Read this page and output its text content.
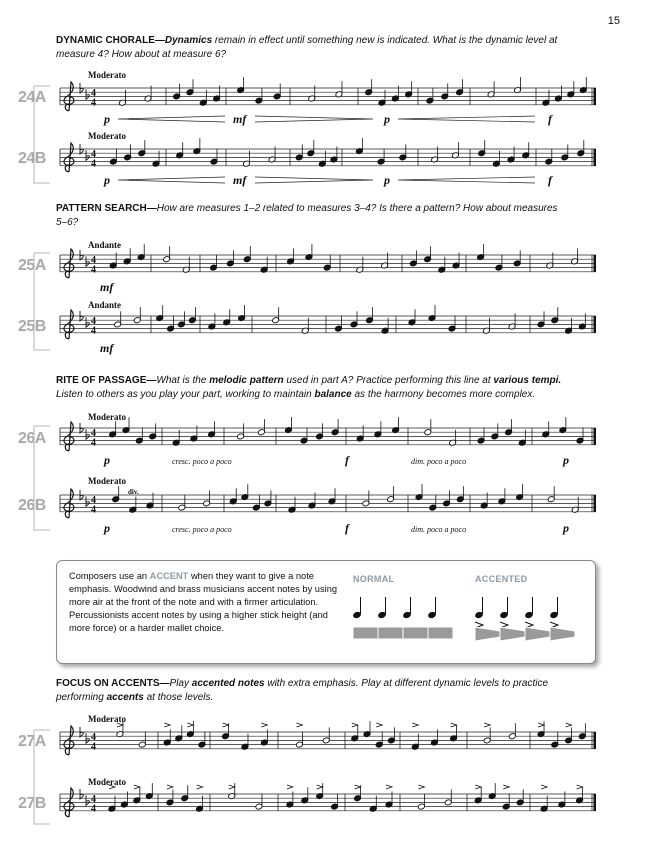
15
DYNAMIC CHORALE—Dynamics remain in effect until something new is indicated. What is the dynamic level at
measure 4? How about at measure 6?
24A
Moderato
24B
Moderato
p	mf	p	f
p	mf	p	f
PATTERN SEARCH—How are measures 1–2 related to measures 3–4? Is there a pattern? How about measures
5–6?
25A
Andante
mf
25B
Andante
mf
RITE OF PASSAGE—What is the melodic pattern used in part A? Practice performing this line at various tempi.
Listen to others as you play your part, working to maintain balance as the harmony becomes more complex.
26A
Moderato
p	cresc. poco a poco	f	dim. poco a poco	p
26B
Moderato
div.
p	cresc. poco a poco	f	dim. poco a poco	p
Composers use an ACCENT when they want to give a note emphasis. Woodwind and brass musicians accent notes by using more air at the front of the note and with a firmer articulation. Percussionists accent notes by using a higher stick height (and more force) or a harder mallet choice.
NORMAL	ACCENTED
FOCUS ON ACCENTS—Play accented notes with extra emphasis. Play at different dynamic levels to practice
performing accents at those levels.
27A
Moderato
27B
Moderato
4
4
4
4
4
4
4
4
4
4
4
4
4
4
4
4
